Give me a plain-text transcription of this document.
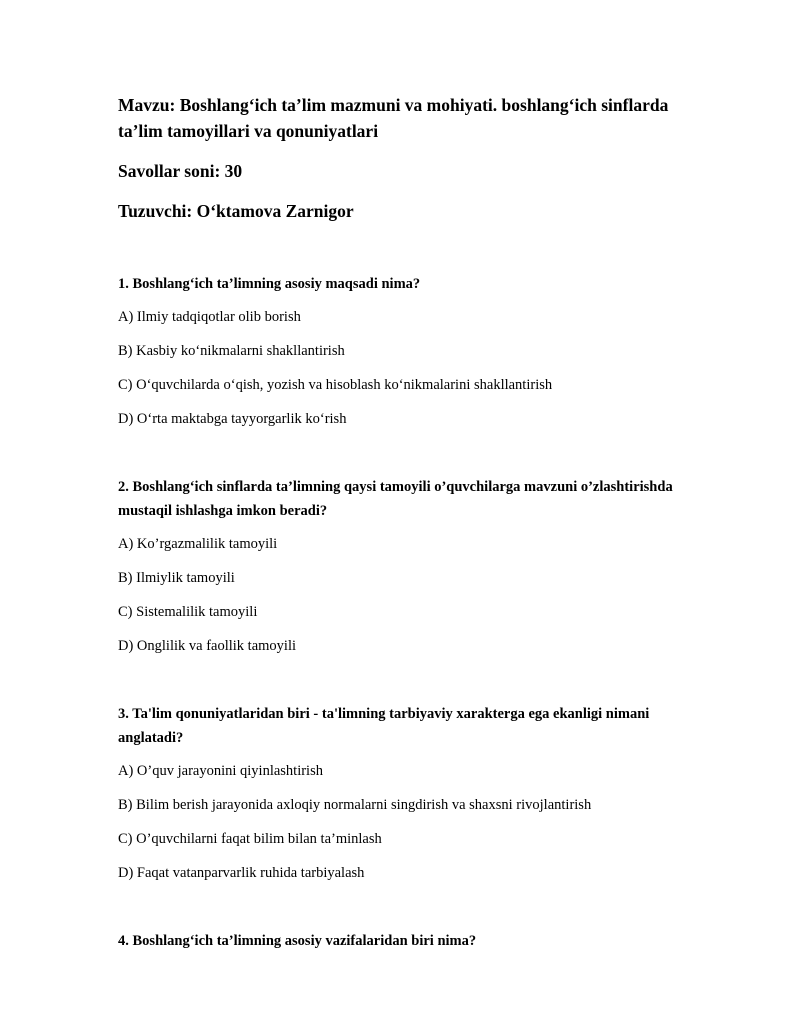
Mavzu: Boshlang‘ich ta’lim mazmuni va mohiyati. boshlang‘ich sinflarda ta’lim tamoyillari va qonuniyatlari

Savollar soni: 30

Tuzuvchi: O‘ktamova Zarnigor

1. Boshlang‘ich ta’limning asosiy maqsadi nima?

A) Ilmiy tadqiqotlar olib borish

B) Kasbiy ko‘nikmalarni shakllantirish

C) O‘quvchilarda o‘qish, yozish va hisoblash ko‘nikmalarini shakllantirish

D) O‘rta maktabga tayyorgarlik ko‘rish

2. Boshlang‘ich sinflarda ta’limning qaysi tamoyili o’quvchilarga mavzuni o’zlashtirishda mustaqil ishlashga imkon beradi?

A) Ko’rgazmalilik tamoyili

B) Ilmiylik tamoyili

C) Sistemalilik tamoyili

D) Onglilik va faollik tamoyili

3. Ta'lim qonuniyatlaridan biri - ta'limning tarbiyaviy xarakterga ega ekanligi nimani anglatadi?

A) O’quv jarayonini qiyinlashtirish

B) Bilim berish jarayonida axloqiy normalarni singdirish va shaxsni rivojlantirish

C) O’quvchilarni faqat bilim bilan ta’minlash

D) Faqat vatanparvarlik ruhida tarbiyalash

4. Boshlang‘ich ta’limning asosiy vazifalaridan biri nima?
